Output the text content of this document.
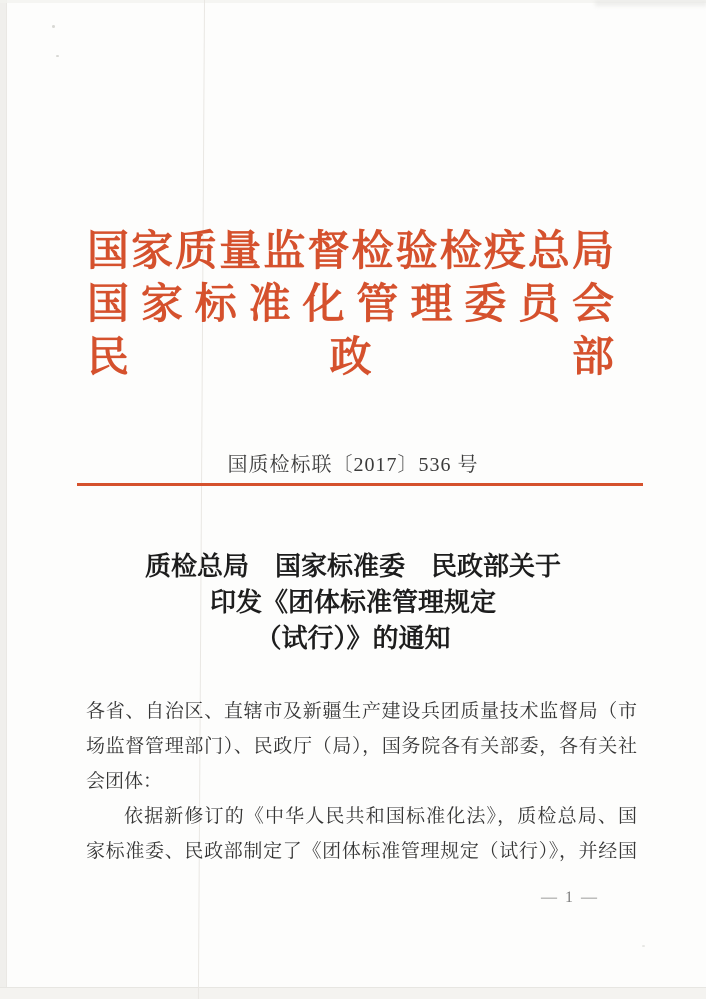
国家质量监督检验检疫总局
国家标准化管理委员会
民政部
国质检标联〔2017〕536 号
质检总局　国家标准委　民政部关于
印发《团体标准管理规定
（试行）》的通知
各省、自治区、直辖市及新疆生产建设兵团质量技术监督局（市
场监督管理部门）、民政厅（局），国务院各有关部委，各有关社
会团体：
依据新修订的《中华人民共和国标准化法》，质检总局、国
家标准委、民政部制定了《团体标准管理规定（试行）》，并经国
— 1 —
